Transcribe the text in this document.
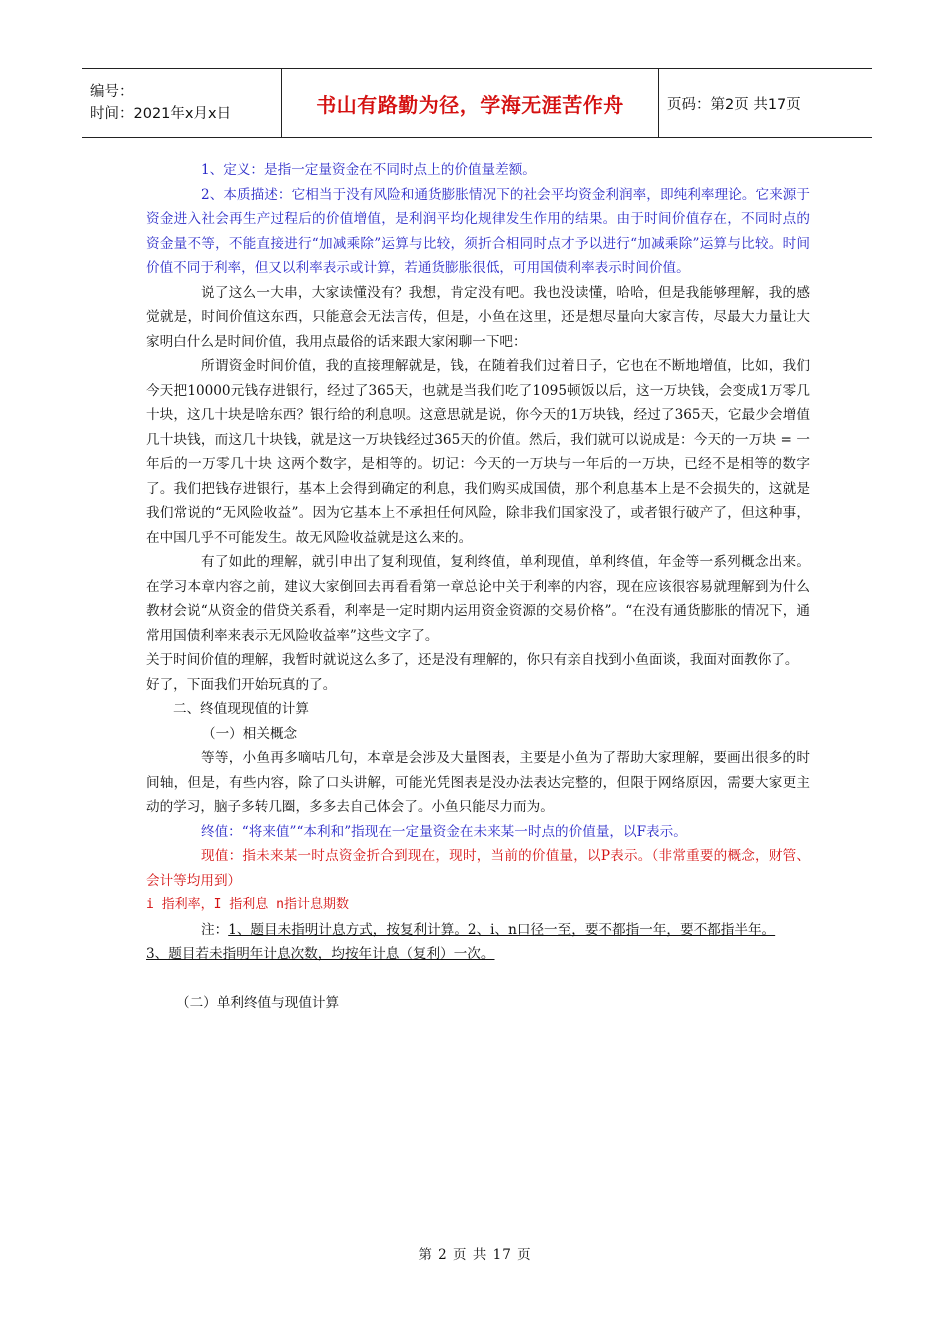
编号：
时间：2021年x月x日	书山有路勤为径，学海无涯苦作舟	页码：第2页 共17页

1、定义：是指一定量资金在不同时点上的价值量差额。

2、本质描述：它相当于没有风险和通货膨胀情况下的社会平均资金利润率，即纯利率理论。它来源于资金进入社会再生产过程后的价值增值，是利润平均化规律发生作用的结果。由于时间价值存在，不同时点的资金量不等，不能直接进行“加减乘除”运算与比较，须折合相同时点才予以进行“加减乘除”运算与比较。时间价值不同于利率，但又以利率表示或计算，若通货膨胀很低，可用国债利率表示时间价值。

说了这么一大串，大家读懂没有？我想，肯定没有吧。我也没读懂，哈哈，但是我能够理解，我的感觉就是，时间价值这东西，只能意会无法言传，但是，小鱼在这里，还是想尽量向大家言传，尽最大力量让大家明白什么是时间价值，我用点最俗的话来跟大家闲聊一下吧：

所谓资金时间价值，我的直接理解就是，钱，在随着我们过着日子，它也在不断地增值，比如，我们今天把10000元钱存进银行，经过了365天，也就是当我们吃了1095顿饭以后，这一万块钱，会变成1万零几十块，这几十块是啥东西？银行给的利息呗。这意思就是说，你今天的1万块钱，经过了365天，它最少会增值几十块钱，而这几十块钱，就是这一万块钱经过365天的价值。然后，我们就可以说成是：今天的一万块 = 一年后的一万零几十块 这两个数字，是相等的。切记：今天的一万块与一年后的一万块，已经不是相等的数字了。我们把钱存进银行，基本上会得到确定的利息，我们购买成国债，那个利息基本上是不会损失的，这就是我们常说的“无风险收益”。因为它基本上不承担任何风险，除非我们国家没了，或者银行破产了，但这种事，在中国几乎不可能发生。故无风险收益就是这么来的。

有了如此的理解，就引申出了复利现值，复利终值，单利现值，单利终值，年金等一系列概念出来。在学习本章内容之前，建议大家倒回去再看看第一章总论中关于利率的内容，现在应该很容易就理解到为什么教材会说“从资金的借贷关系看，利率是一定时期内运用资金资源的交易价格”。“在没有通货膨胀的情况下，通常用国债利率来表示无风险收益率”这些文字了。

关于时间价值的理解，我暂时就说这么多了，还是没有理解的，你只有亲自找到小鱼面谈，我面对面教你了。

好了，下面我们开始玩真的了。

二、终值现现值的计算

（一）相关概念

等等，小鱼再多嘀咕几句，本章是会涉及大量图表，主要是小鱼为了帮助大家理解，要画出很多的时间轴，但是，有些内容，除了口头讲解，可能光凭图表是没办法表达完整的，但限于网络原因，需要大家更主动的学习，脑子多转几圈，多多去自己体会了。小鱼只能尽力而为。

终值：“将来值”“本利和”指现在一定量资金在未来某一时点的价值量，以F表示。

现值：指未来某一时点资金折合到现在，现时，当前的价值量，以P表示。（非常重要的概念，财管、会计等均用到）

i 指利率，I 指利息 n指计息期数

注：1、题目未指明计息方式，按复利计算。2、i、n口径一至，要不都指一年，要不都指半年。

3、题目若未指明年计息次数，均按年计息（复利）一次。

（二）单利终值与现值计算

第 2 页 共 17 页
